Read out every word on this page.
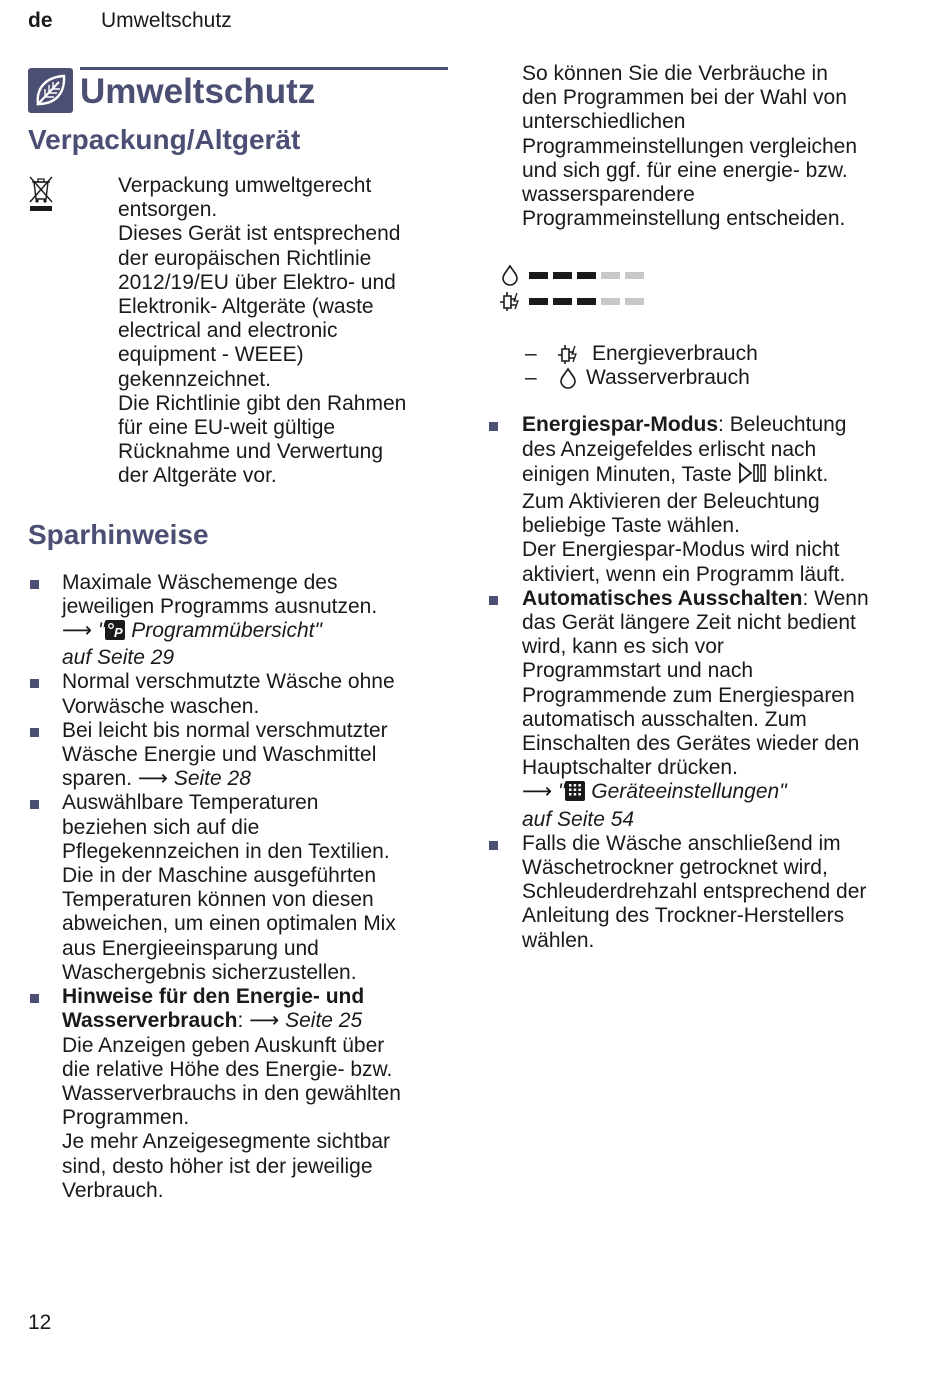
de Umweltschutz
Umweltschutz
Verpackung/Altgerät

Verpackung umweltgerecht

entsorgen.

Dieses Gerät ist entsprechend

der europäischen Richtlinie

2012/19/EU über Elektro- und

Elektronik- Altgeräte (waste

electrical and electronic

equipment - WEEE)

gekennzeichnet.

Die Richtlinie gibt den Rahmen

für eine EU-weit gültige

Rücknahme und Verwertung

der Altgeräte vor.

Sparhinweise

Maximale Wäschemenge des

jeweiligen Programms ausnutzen.

⟶ " P Programmübersicht"

auf Seite 29

Normal verschmutzte Wäsche ohne

Vorwäsche waschen.

Bei leicht bis normal verschmutzter

Wäsche Energie und Waschmittel

sparen. ⟶ Seite 28

Auswählbare Temperaturen

beziehen sich auf die

Pflegekennzeichen in den Textilien.

Die in der Maschine ausgeführten

Temperaturen können von diesen

abweichen, um einen optimalen Mix

aus Energieeinsparung und

Waschergebnis sicherzustellen.

Hinweise für den Energie- und

Wasserverbrauch: ⟶ Seite 25

Die Anzeigen geben Auskunft über

die relative Höhe des Energie- bzw.

Wasserverbrauchs in den gewählten

Programmen.

Je mehr Anzeigesegmente sichtbar

sind, desto höher ist der jeweilige

Verbrauch.

So können Sie die Verbräuche in

den Programmen bei der Wahl von

unterschiedlichen

Programmeinstellungen vergleichen

und sich ggf. für eine energie- bzw.

wassersparendere

Programmeinstellung entscheiden.

–	Energieverbrauch
– Wasserverbrauch

Energiespar-Modus: Beleuchtung

des Anzeigefeldes erlischt nach

einigen Minuten, Taste  blinkt.

Zum Aktivieren der Beleuchtung

beliebige Taste wählen.

Der Energiespar-Modus wird nicht

aktiviert, wenn ein Programm läuft.

Automatisches Ausschalten: Wenn

das Gerät längere Zeit nicht bedient

wird, kann es sich vor

Programmstart und nach

Programmende zum Energiesparen

automatisch ausschalten. Zum

Einschalten des Gerätes wieder den

Hauptschalter drücken.

⟶ " Geräteeinstellungen"

auf Seite 54

Falls die Wäsche anschließend im

Wäschetrockner getrocknet wird,

Schleuderdrehzahl entsprechend der

Anleitung des Trockner-Herstellers

wählen.

12
